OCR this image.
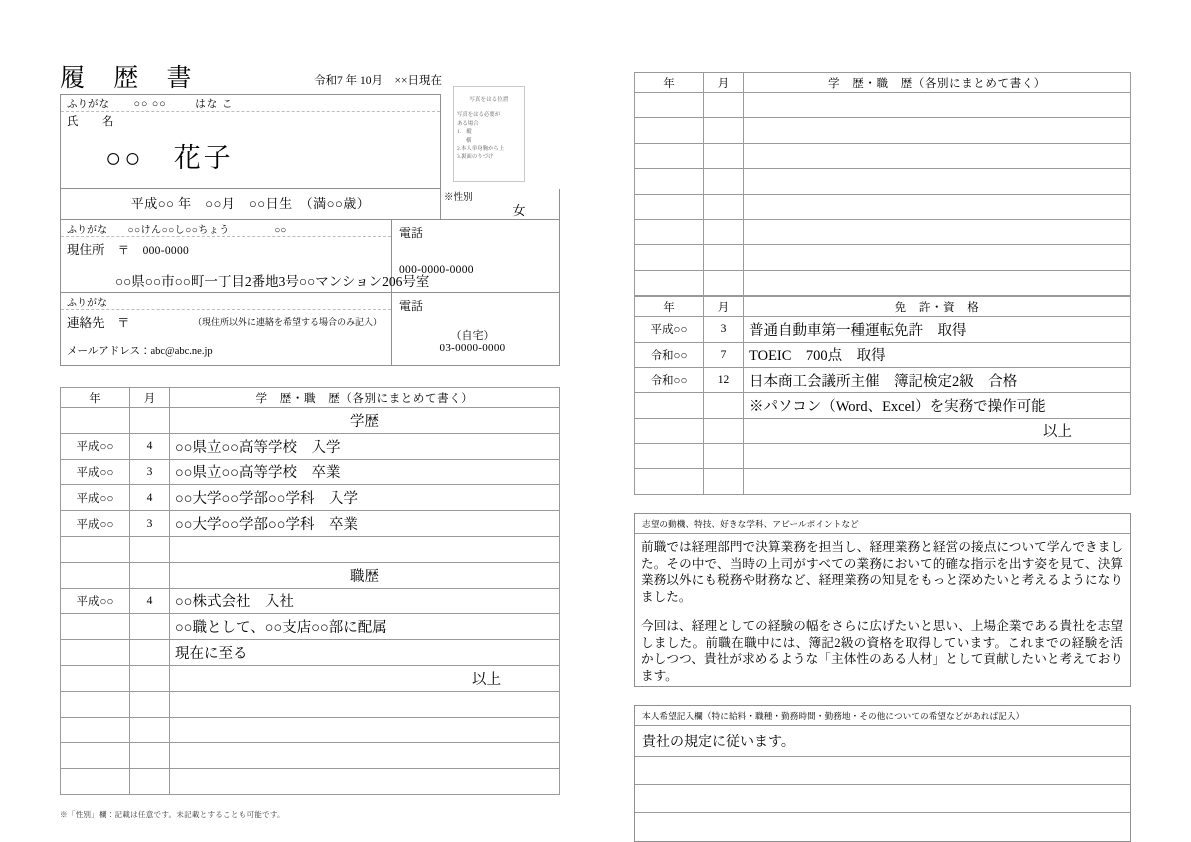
履 歴 書	令和7 年 10月　××日現在
写真をはる位置
写真をはる必要が
ある場合
1.　縦
横
2.本人単身胸から上
3.裏面のりづけ
ふりがな ○○ ○○	はな こ
氏　名
○○　花子
平成○○ 年　○○月　○○日生　（満○○歳）	※性別
女
ふりがな ○○けん○○し○○ちょう	○○
現住所 〒 000-0000
○○県○○市○○町一丁目2番地3号○○マンション206号室
ふりがな
連絡先　〒	（現住所以外に連絡を希望する場合のみ記入）
メールアドレス：abc@abc.ne.jp
電話
000-0000-0000
電話
（自宅）
03-0000-0000
年	月	学　歴・職　歴（各別にまとめて書く）
		学歴
平成○○	4	○○県立○○高等学校　入学
平成○○	3	○○県立○○高等学校　卒業
平成○○	4	○○大学○○学部○○学科　入学
平成○○	3	○○大学○○学部○○学科　卒業

		職歴
平成○○	4	○○株式会社　入社
		○○職として、○○支店○○部に配属
		現在に至る
		以上

※「性別」欄：記載は任意です。未記載とすることも可能です。
年	月	学　歴・職　歴（各別にまとめて書く）

年	月	免　許・資　格
平成○○	3	普通自動車第一種運転免許　取得
令和○○	7	TOEIC　700点　取得
令和○○	12	日本商工会議所主催　簿記検定2級　合格
		※パソコン（Word、Excel）を実務で操作可能
		以上

志望の動機、特技、好きな学科、アピールポイントなど

前職では経理部門で決算業務を担当し、経理業務と経営の接点について学んできました。その中で、当時の上司がすべての業務において的確な指示を出す姿を見て、決算業務以外にも税務や財務など、経理業務の知見をもっと深めたいと考えるようになりました。

今回は、経理としての経験の幅をさらに広げたいと思い、上場企業である貴社を志望しました。前職在職中には、簿記2級の資格を取得しています。これまでの経験を活かしつつ、貴社が求めるような「主体性のある人材」として貢献したいと考えております。

本人希望記入欄（特に給料・職種・勤務時間・勤務地・その他についての希望などがあれば記入）
貴社の規定に従います。
